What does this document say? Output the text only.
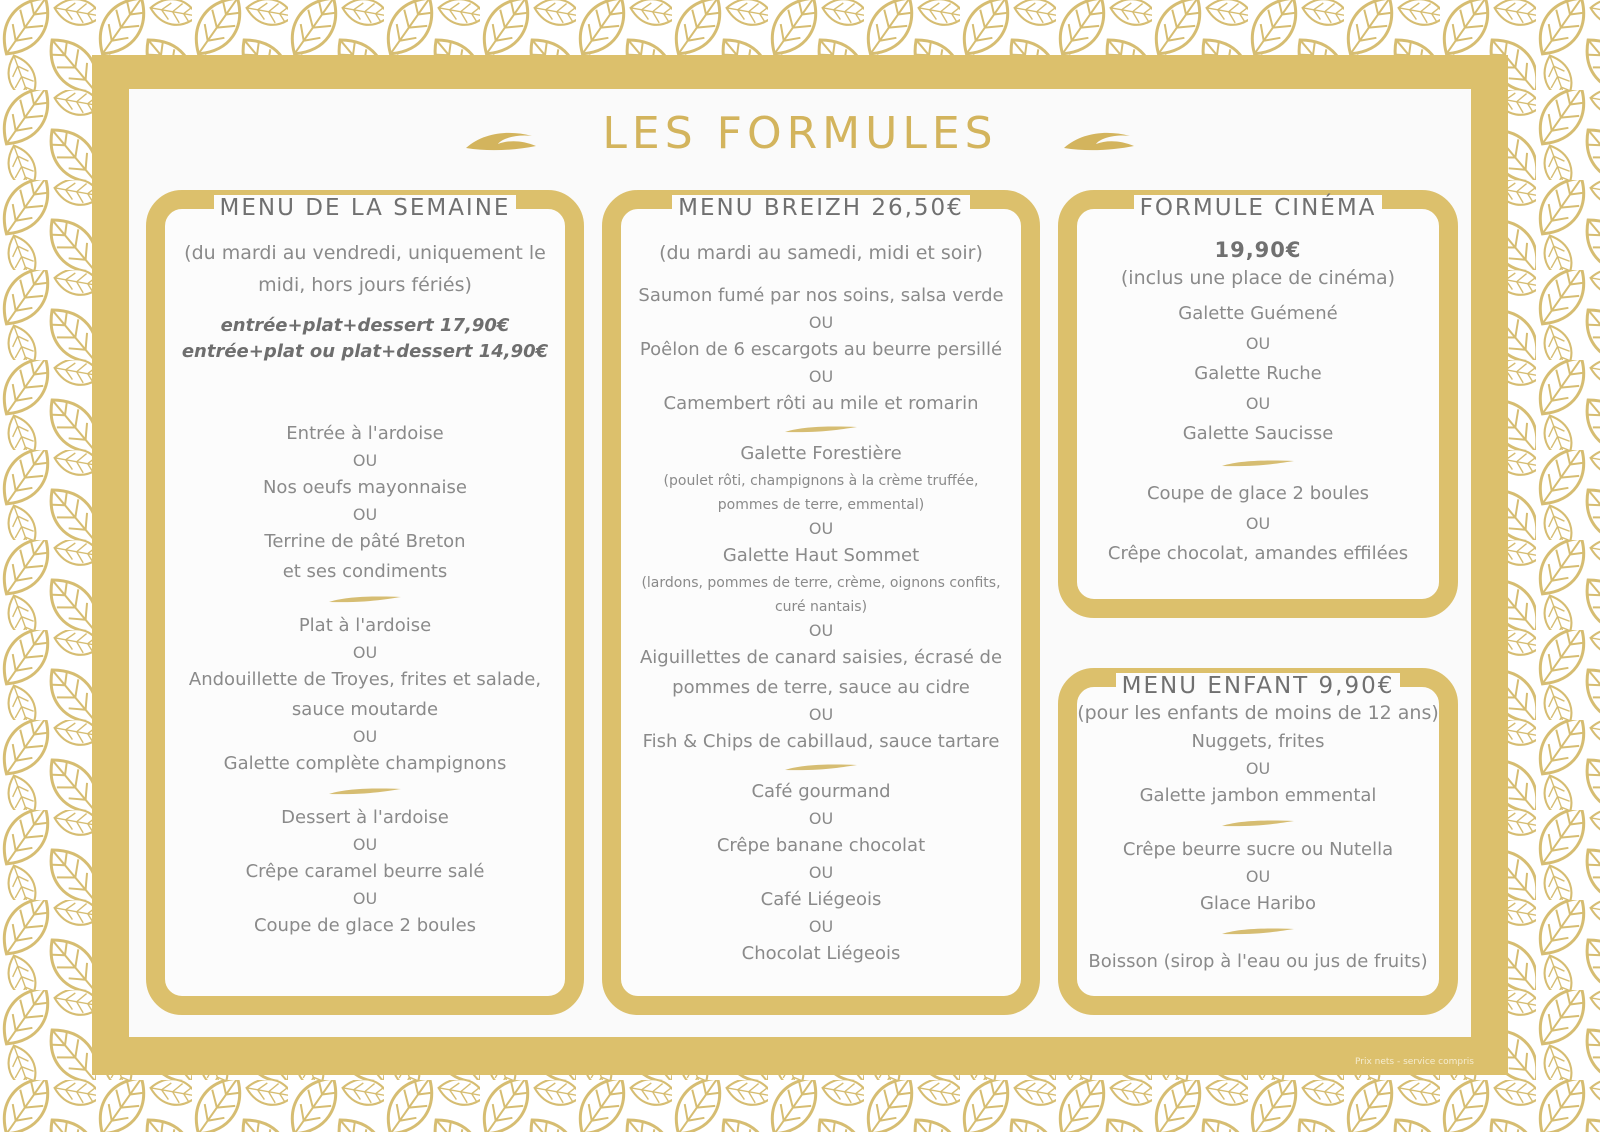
LES FORMULES
MENU DE LA SEMAINE
(du mardi au vendredi, uniquement le
midi, hors jours fériés)
entrée+plat+dessert 17,90€
entrée+plat ou plat+dessert 14,90€
Entrée à l'ardoise
OU
Nos oeufs mayonnaise
OU
Terrine de pâté Breton
et ses condiments
Plat à l'ardoise
OU
Andouillette de Troyes, frites et salade,
sauce moutarde
OU
Galette complète champignons
Dessert à l'ardoise
OU
Crêpe caramel beurre salé
OU
Coupe de glace 2 boules
MENU BREIZH 26,50€
(du mardi au samedi, midi et soir)
Saumon fumé par nos soins, salsa verde
OU
Poêlon de 6 escargots au beurre persillé
OU
Camembert rôti au mile et romarin
Galette Forestière
(poulet rôti, champignons à la crème truffée,
pommes de terre, emmental)
OU
Galette Haut Sommet
(lardons, pommes de terre, crème, oignons confits,
curé nantais)
OU
Aiguillettes de canard saisies, écrasé de
pommes de terre, sauce au cidre
OU
Fish & Chips de cabillaud, sauce tartare
Café gourmand
OU
Crêpe banane chocolat
OU
Café Liégeois
OU
Chocolat Liégeois
FORMULE CINÉMA
19,90€
(inclus une place de cinéma)
Galette Guémené
OU
Galette Ruche
OU
Galette Saucisse
Coupe de glace 2 boules
OU
Crêpe chocolat, amandes effilées
MENU ENFANT 9,90€
(pour les enfants de moins de 12 ans)
Nuggets, frites
OU
Galette jambon emmental
Crêpe beurre sucre ou Nutella
OU
Glace Haribo
Boisson (sirop à l'eau ou jus de fruits)
Prix nets - service compris
